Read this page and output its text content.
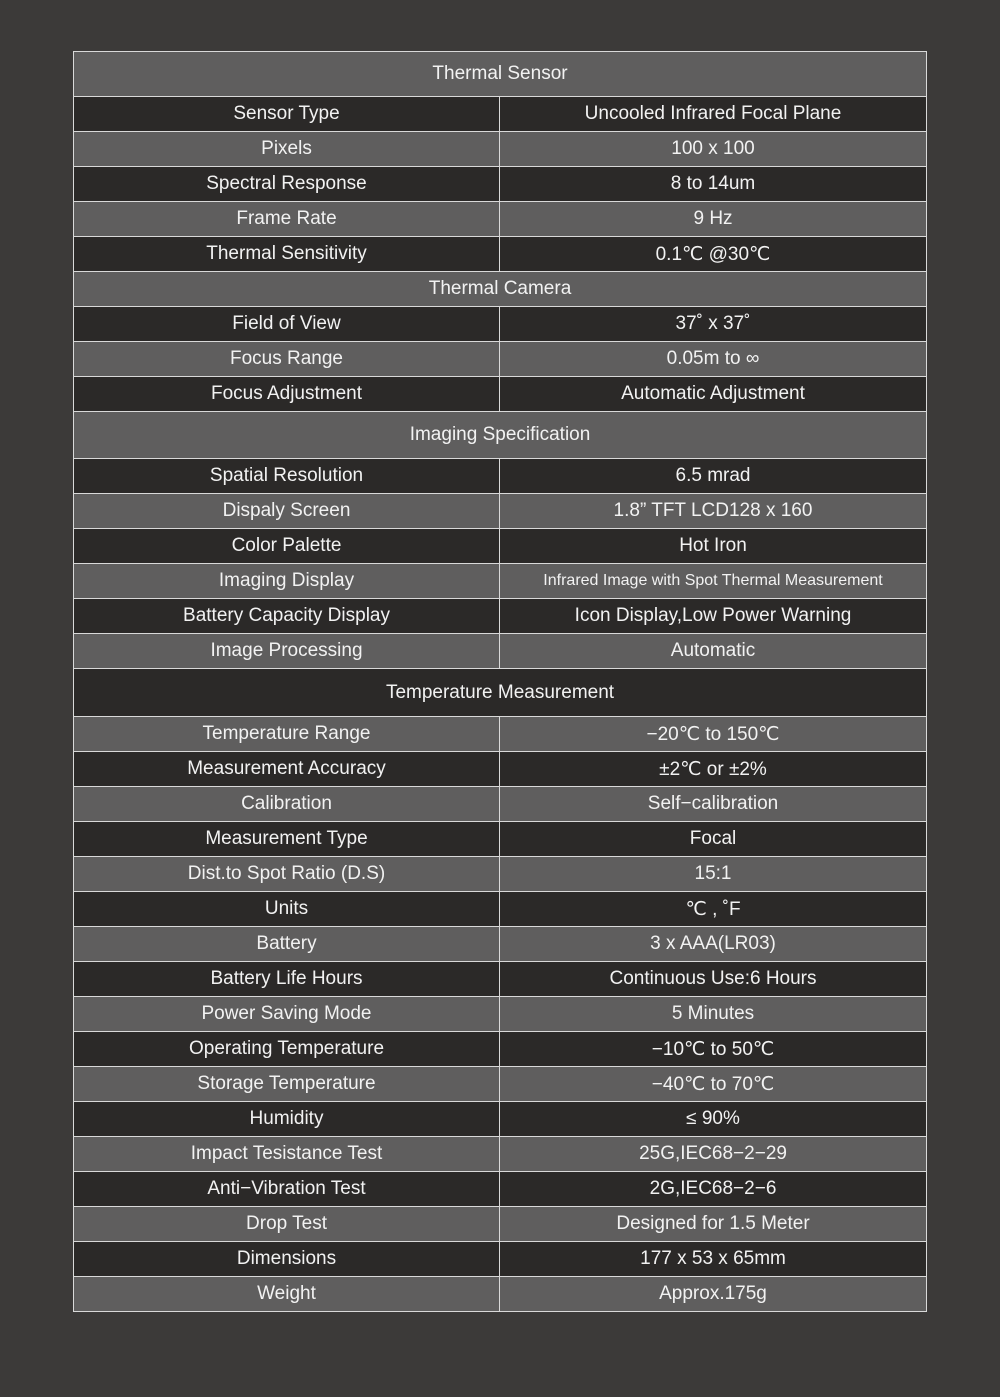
Thermal Sensor	
Sensor Type	Uncooled Infrared Focal Plane
Pixels	100 x 100
Spectral Response	8 to 14um
Frame Rate	9 Hz
Thermal Sensitivity	0.1℃ @30℃
Thermal Camera	
Field of View	37˚ x 37˚
Focus Range	0.05m to ∞
Focus Adjustment	Automatic Adjustment
Imaging Specification	
Spatial Resolution	6.5 mrad
Dispaly Screen	1.8” TFT LCD128 x 160
Color Palette	Hot Iron
Imaging Display	Infrared Image with Spot Thermal Measurement
Battery Capacity Display	Icon Display,Low Power Warning
Image Processing	Automatic
Temperature Measurement	
Temperature Range	−20℃ to 150℃
Measurement Accuracy	±2℃ or ±2%
Calibration	Self−calibration
Measurement Type	Focal
Dist.to Spot Ratio (D.S)	15:1
Units	℃ , ˚F
Battery	3 x AAA(LR03)
Battery Life Hours	Continuous Use:6 Hours
Power Saving Mode	5 Minutes
Operating Temperature	−10℃ to 50℃
Storage Temperature	−40℃ to 70℃
Humidity	≤ 90%
Impact Tesistance Test	25G,IEC68−2−29
Anti−Vibration Test	2G,IEC68−2−6
Drop Test	Designed for 1.5 Meter
Dimensions	177 x 53 x 65mm
Weight	Approx.175g
